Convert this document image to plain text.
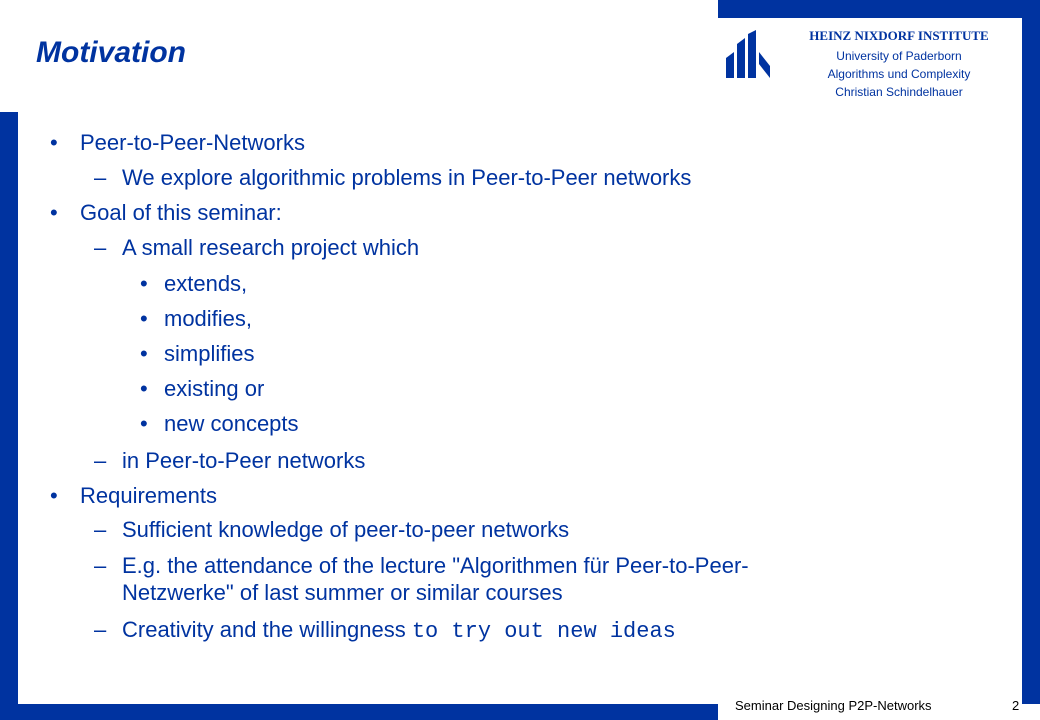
Motivation
HEINZ NIXDORF INSTITUTE
University of Paderborn
Algorithms und Complexity
Christian Schindelhauer
• Peer-to-Peer-Networks
– We explore algorithmic problems in Peer-to-Peer networks
• Goal of this seminar:
– A small research project which
• extends,
• modifies,
• simplifies
• existing or
• new concepts
– in Peer-to-Peer networks
• Requirements
– Sufficient knowledge of peer-to-peer networks
– E.g. the attendance of the lecture "Algorithmen für Peer-to-Peer-
Netzwerke" of last summer or similar courses
– Creativity and the willingness to try out new ideas
Seminar Designing P2P-Networks	2
